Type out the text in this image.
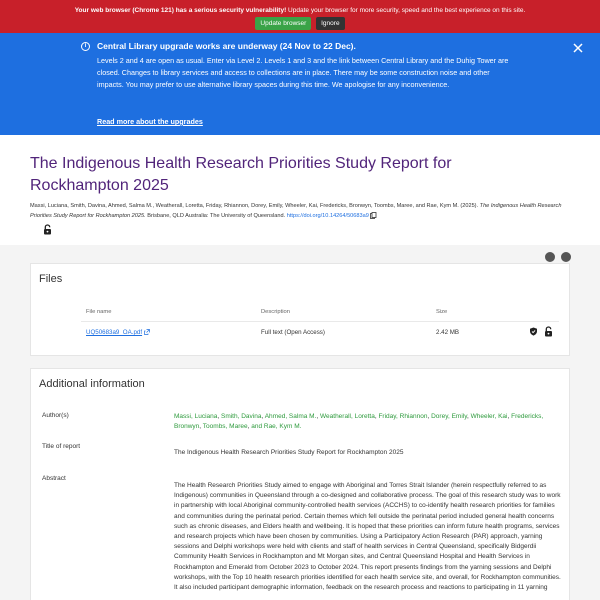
Your web browser (Chrome 121) has a serious security vulnerability! Update your browser for more security, speed and the best experience on this site.
Update browser Ignore
i	Central Library upgrade works are underway (24 Nov to 22 Dec).
Levels 2 and 4 are open as usual. Enter via Level 2. Levels 1 and 3 and the link between Central Library and the Duhig Tower are closed. Changes to library services and access to collections are in place. There may be some construction noise and other impacts. You may prefer to use alternative library spaces during this time. We apologise for any inconvenience.
Read more about the upgrades
The Indigenous Health Research Priorities Study Report for Rockhampton 2025
Massi, Luciana, Smith, Davina, Ahmed, Salma M., Weatherall, Loretta, Friday, Rhiannon, Dorey, Emily, Wheeler, Kai, Fredericks, Bronwyn, Toombs, Maree, and Rae, Kym M. (2025). The Indigenous Health Research Priorities Study Report for Rockhampton 2025. Brisbane, QLD Australia: The University of Queensland. https://doi.org/10.14264/50683a9

Files
File name	Description	Size
UQ50683a9_OA.pdf	Full text (Open Access)	2.42 MB
Additional information
Author(s)	Massi, Luciana, Smith, Davina, Ahmed, Salma M., Weatherall, Loretta, Friday, Rhiannon, Dorey, Emily, Wheeler, Kai, Fredericks, Bronwyn, Toombs, Maree, and Rae, Kym M.
Title of report
The Indigenous Health Research Priorities Study Report for Rockhampton 2025
Abstract
The Health Research Priorities Study aimed to engage with Aboriginal and Torres Strait Islander (herein respectfully referred to as Indigenous) communities in Queensland through a co-designed and collaborative process. The goal of this research study was to work in partnership with local Aboriginal community-controlled health services (ACCHS) to co-identify health research priorities for families and communities during the perinatal period. Certain themes which fell outside the perinatal period included general health concerns such as chronic diseases, and Elders health and wellbeing. It is hoped that these priorities can inform future health programs, services and research projects which have been chosen by communities. Using a Participatory Action Research (PAR) approach, yarning sessions and Delphi workshops were held with clients and staff of health services in Central Queensland, specifically Bidgerdii Community Health Services in Rockhampton and Mt Morgan sites, and Central Queensland Hospital and Health Services in Rockhampton and Emerald from October 2023 to October 2024. This report presents findings from the yarning sessions and Delphi workshops, with the Top 10 health research priorities identified for each health service site, and overall, for Rockhampton communities. It also included participant demographic information, feedback on the research process and reactions to participating in 11 yarning
